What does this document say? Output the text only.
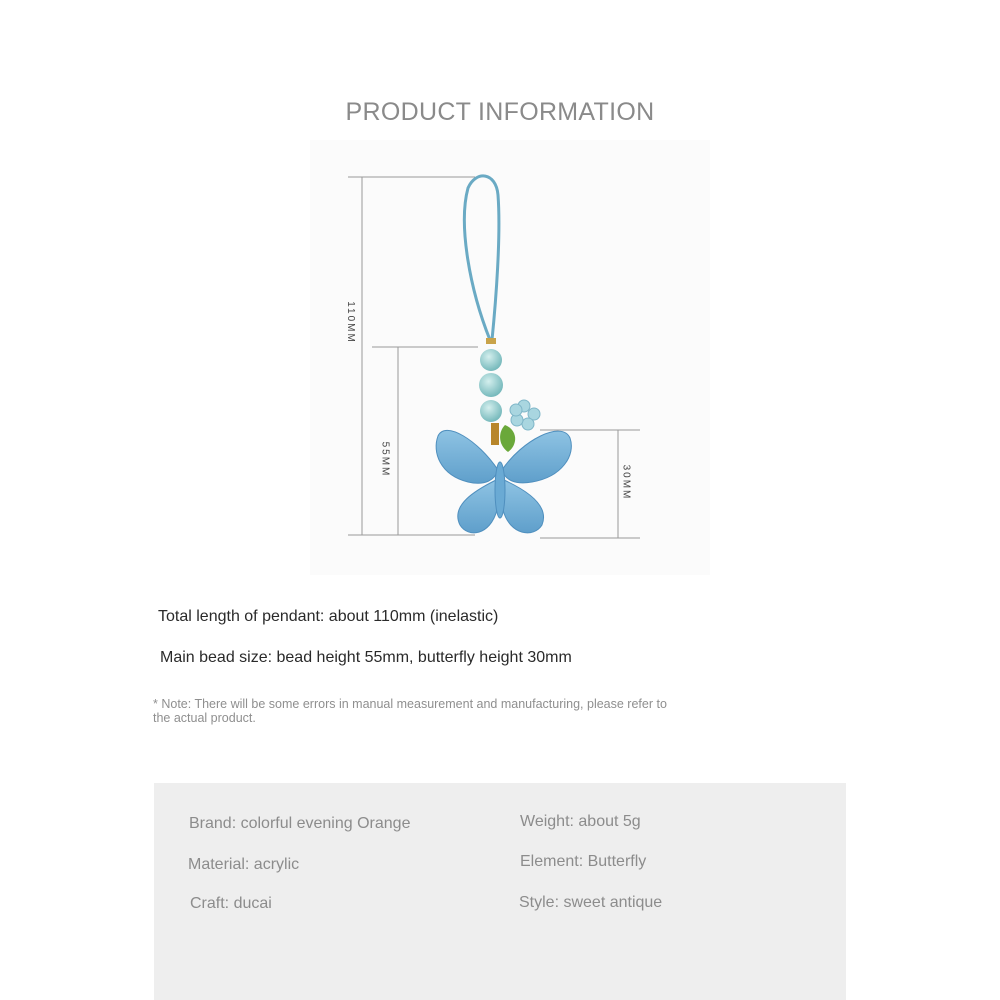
PRODUCT INFORMATION
110MM
55MM
30MM
Total length of pendant: about 110mm (inelastic)
Main bead size: bead height 55mm, butterfly height 30mm
* Note: There will be some errors in manual measurement and manufacturing, please refer to the actual product.
Brand: colorful evening Orange
Material: acrylic
Craft: ducai
Weight: about 5g
Element: Butterfly
Style: sweet antique
